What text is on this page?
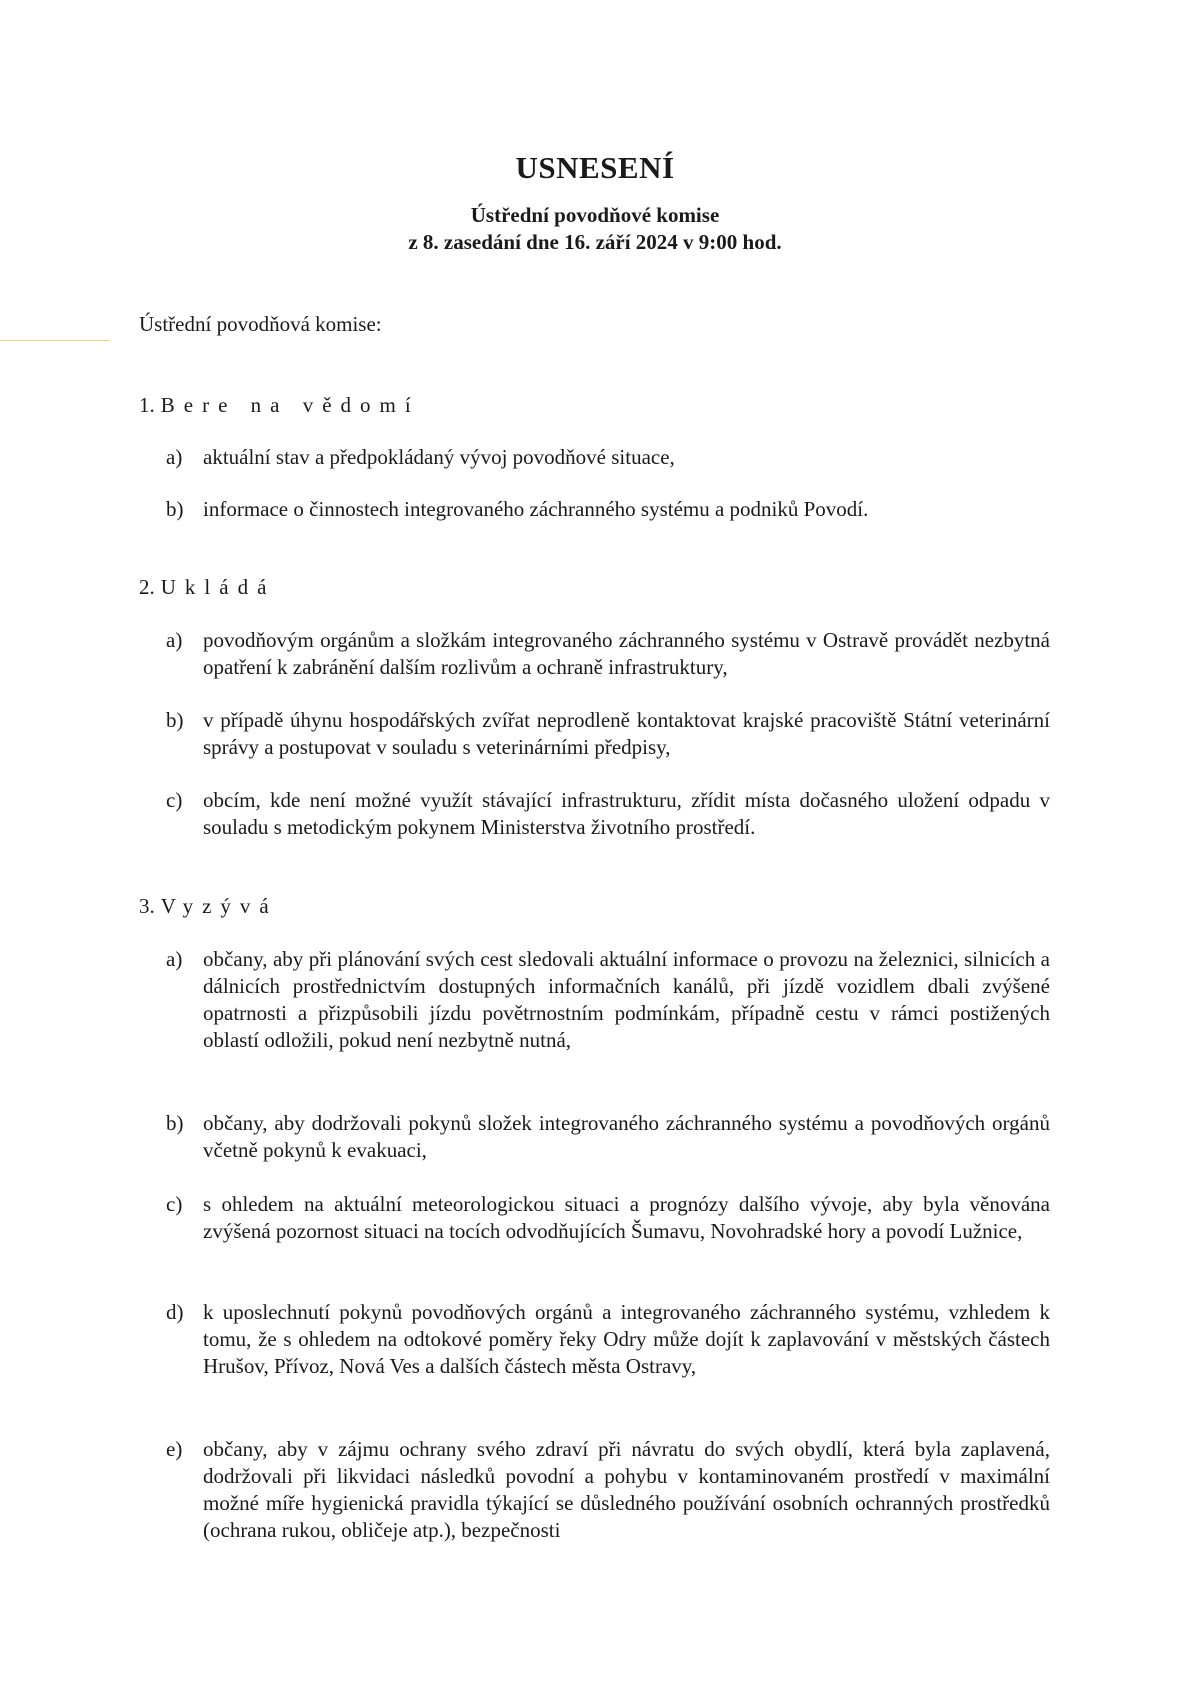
USNESENÍ
Ústřední povodňové komise
z 8. zasedání dne 16. září 2024 v 9:00 hod.
Ústřední povodňová komise:
1. Bere na vědomí
a) aktuální stav a předpokládaný vývoj povodňové situace,
b) informace o činnostech integrovaného záchranného systému a podniků Povodí.
2. Ukládá
a) povodňovým orgánům a složkám integrovaného záchranného systému v Ostravě provádět nezbytná opatření k zabránění dalším rozlivům a ochraně infrastruktury,
b) v případě úhynu hospodářských zvířat neprodleně kontaktovat krajské pracoviště Státní veterinární správy a postupovat v souladu s veterinárními předpisy,
c) obcím, kde není možné využít stávající infrastrukturu, zřídit místa dočasného uložení odpadu v souladu s metodickým pokynem Ministerstva životního prostředí.
3. Vyzývá
a) občany, aby při plánování svých cest sledovali aktuální informace o provozu na železnici, silnicích a dálnicích prostřednictvím dostupných informačních kanálů, při jízdě vozidlem dbali zvýšené opatrnosti a přizpůsobili jízdu povětrnostním podmínkám, případně cestu v rámci postižených oblastí odložili, pokud není nezbytně nutná,
b) občany, aby dodržovali pokynů složek integrovaného záchranného systému a povodňových orgánů včetně pokynů k evakuaci,
c) s ohledem na aktuální meteorologickou situaci a prognózy dalšího vývoje, aby byla věnována zvýšená pozornost situaci na tocích odvodňujících Šumavu, Novohradské hory a povodí Lužnice,
d) k uposlechnutí pokynů povodňových orgánů a integrovaného záchranného systému, vzhledem k tomu, že s ohledem na odtokové poměry řeky Odry může dojít k zaplavování v městských částech Hrušov, Přívoz, Nová Ves a dalších částech města Ostravy,
e) občany, aby v zájmu ochrany svého zdraví při návratu do svých obydlí, která byla zaplavená, dodržovali při likvidaci následků povodní a pohybu v kontaminovaném prostředí v maximální možné míře hygienická pravidla týkající se důsledného používání osobních ochranných prostředků (ochrana rukou, obličeje atp.), bezpečnosti
